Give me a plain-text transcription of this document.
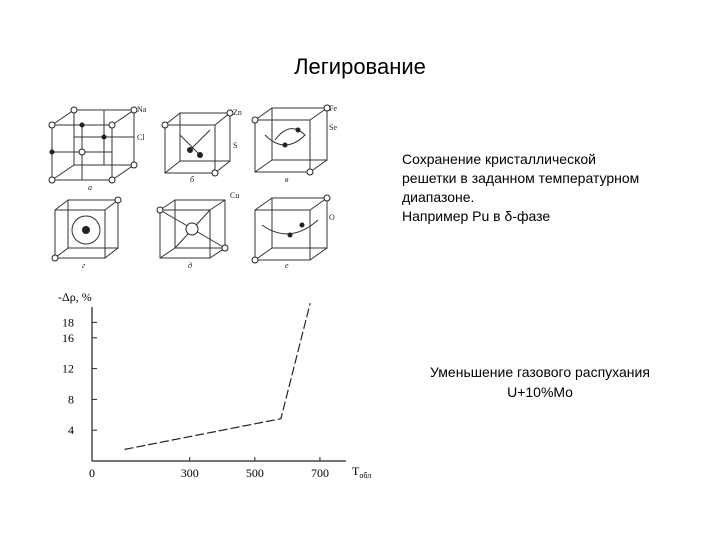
Легирование
Na
Cl
Zn
S
Fe
Se
Cu
O
а
б	в
г	д	е
Сохранение кристаллической
решетки в заданном температурном
диапазоне.
Например Pu в δ-фазе
Уменьшение газового распухания
U+10%Mo
-Δρ, %
0	300	500	700
4
8
12
16
18
$T_{обл}$
